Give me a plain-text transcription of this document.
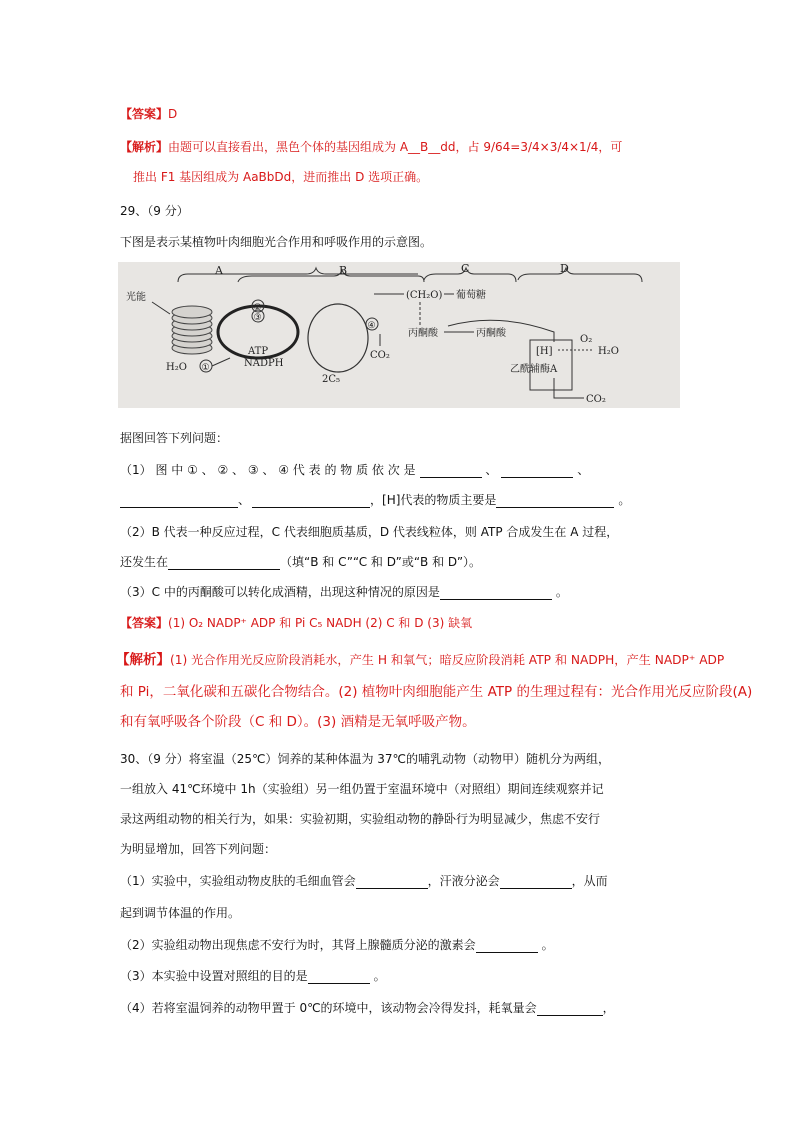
【答案】D
【解析】由题可以直接看出，黑色个体的基因组成为 A__B__dd，占 9/64=3/4×3/4×1/4，可
推出 F1 基因组成为 AaBbDd，进而推出 D 选项正确。
29、（9 分）
下图是表示某植物叶肉细胞光合作用和呼吸作用的示意图。
A	B	C	D
光能
②
③
④
ATP
NADPH
H₂O ①
2C₅
CO₂
(CH₂O) 葡萄糖
丙酮酸	丙酮酸
[H]
O₂
H₂O
乙酰辅酶A
CO₂
据图回答下列问题：
（1） 图 中 ① 、 ② 、 ③ 、 ④ 代 表 的 物 质 依 次 是	、	、
、	，[H]代表的物质主要是	。
（2）B 代表一种反应过程，C 代表细胞质基质，D 代表线粒体，则 ATP 合成发生在 A 过程，
还发生在	（填“B 和 C”“C 和 D”或“B 和 D”）。
（3）C 中的丙酮酸可以转化成酒精，出现这种情况的原因是	。
【答案】(1) O₂ NADP⁺ ADP 和 Pi C₅ NADH (2) C 和 D (3) 缺氧
【解析】(1) 光合作用光反应阶段消耗水，产生 H 和氧气；暗反应阶段消耗 ATP 和 NADPH，产生 NADP⁺ ADP
和 Pi，二氧化碳和五碳化合物结合。(2) 植物叶肉细胞能产生 ATP 的生理过程有：光合作用光反应阶段(A)
和有氧呼吸各个阶段（C 和 D）。(3) 酒精是无氧呼吸产物。
30、（9 分）将室温（25℃）饲养的某种体温为 37℃的哺乳动物（动物甲）随机分为两组，
一组放入 41℃环境中 1h（实验组）另一组仍置于室温环境中（对照组）期间连续观察并记
录这两组动物的相关行为，如果：实验初期，实验组动物的静卧行为明显减少，焦虑不安行
为明显增加，回答下列问题：
（1）实验中，实验组动物皮肤的毛细血管会	，汗液分泌会	，从而
起到调节体温的作用。
（2）实验组动物出现焦虑不安行为时，其肾上腺髓质分泌的激素会	。
（3）本实验中设置对照组的目的是	。
（4）若将室温饲养的动物甲置于 0℃的环境中，该动物会冷得发抖，耗氧量会	，
